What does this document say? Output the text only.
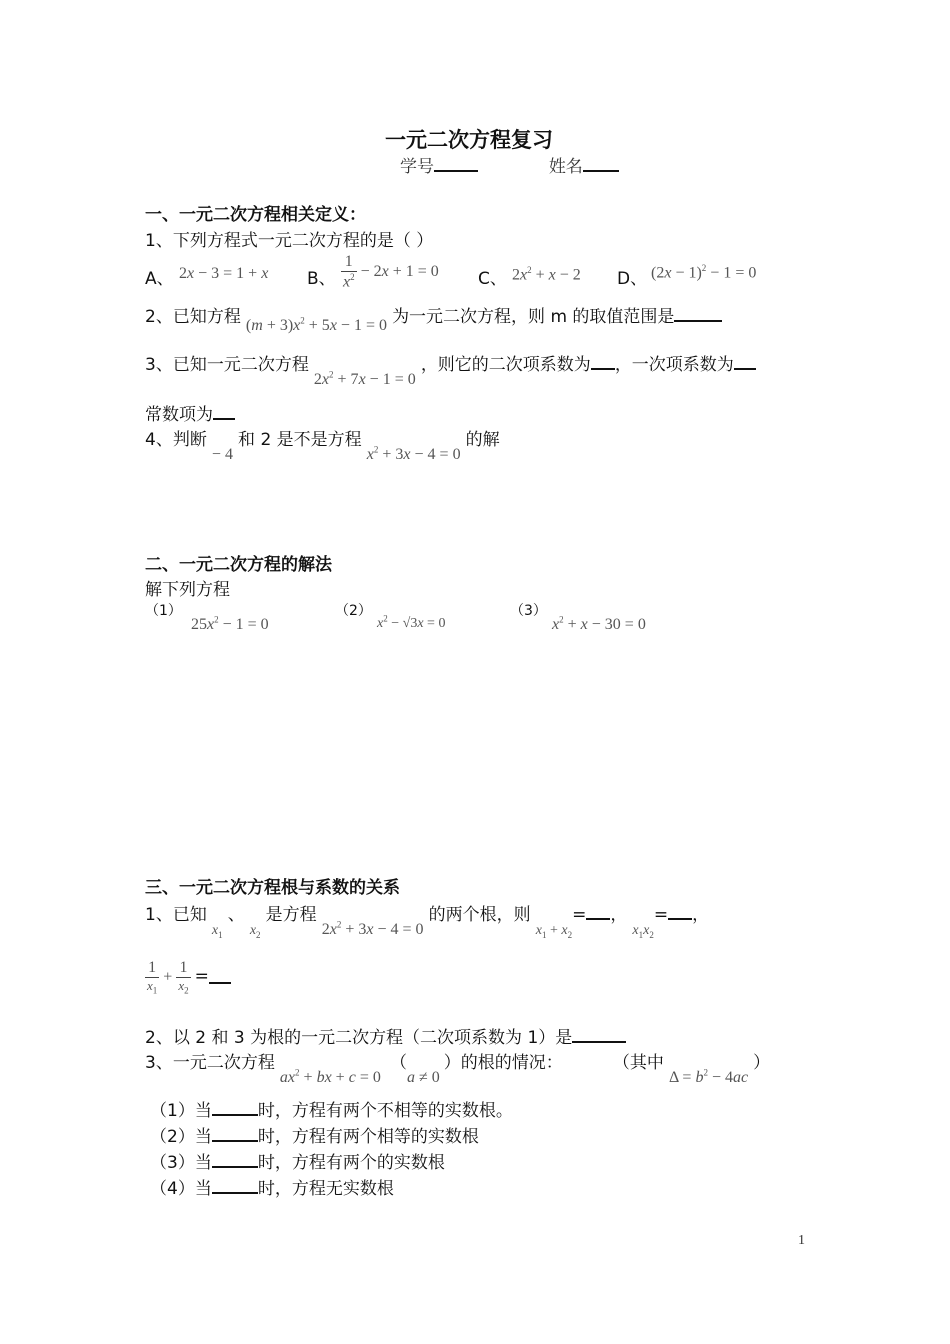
一元二次方程复习
学号	姓名
一、一元二次方程相关定义：
1、下列方程式一元二次方程的是（ ）
A、 2x − 3 = 1 + x B、 $\frac{1}{x^2} - 2x + 1 = 0$ C、 $2x^2 + x - 2$ D、 $(2x - 1)^2 - 1 = 0$
2、已知方程 $(m + 3)x^2 + 5x - 1 = 0$ 为一元二次方程，则 m 的取值范围是
3、已知一元二次方程 $2x^2 + 7x - 1 = 0$ ，则它的二次项系数为 ，一次项系数为
常数项为
4、判断 − 4 和 2 是不是方程 $x^2 + 3x - 4 = 0$ 的解
二、一元二次方程的解法
解下列方程
（1） $25x^2 - 1 = 0$
（2） $x^2 - √3x = 0$
（3） $x^2 + x - 30 = 0$
三、一元二次方程根与系数的关系
1、已知 $x_1$ 、 $x_2$ 是方程 $2x^2 + 3x - 4 = 0$ 的两个根，则 $x_1 + x_2=$ ， $x_1x_2=$ ，
$\frac{1}{x_1} + \frac{1}{x_2}$ =
2、以 2 和 3 为根的一元二次方程（二次项系数为 1）是
3、一元二次方程 $ax^2$ + bx + c = 0 （a ≠ 0）的根的情况：	（其中 $\Delta = b^2 - 4ac$ ）
（1）当	时，方程有两个不相等的实数根。
（2）当	时，方程有两个相等的实数根
（3）当	时，方程有两个的实数根
（4）当	时，方程无实数根
1
